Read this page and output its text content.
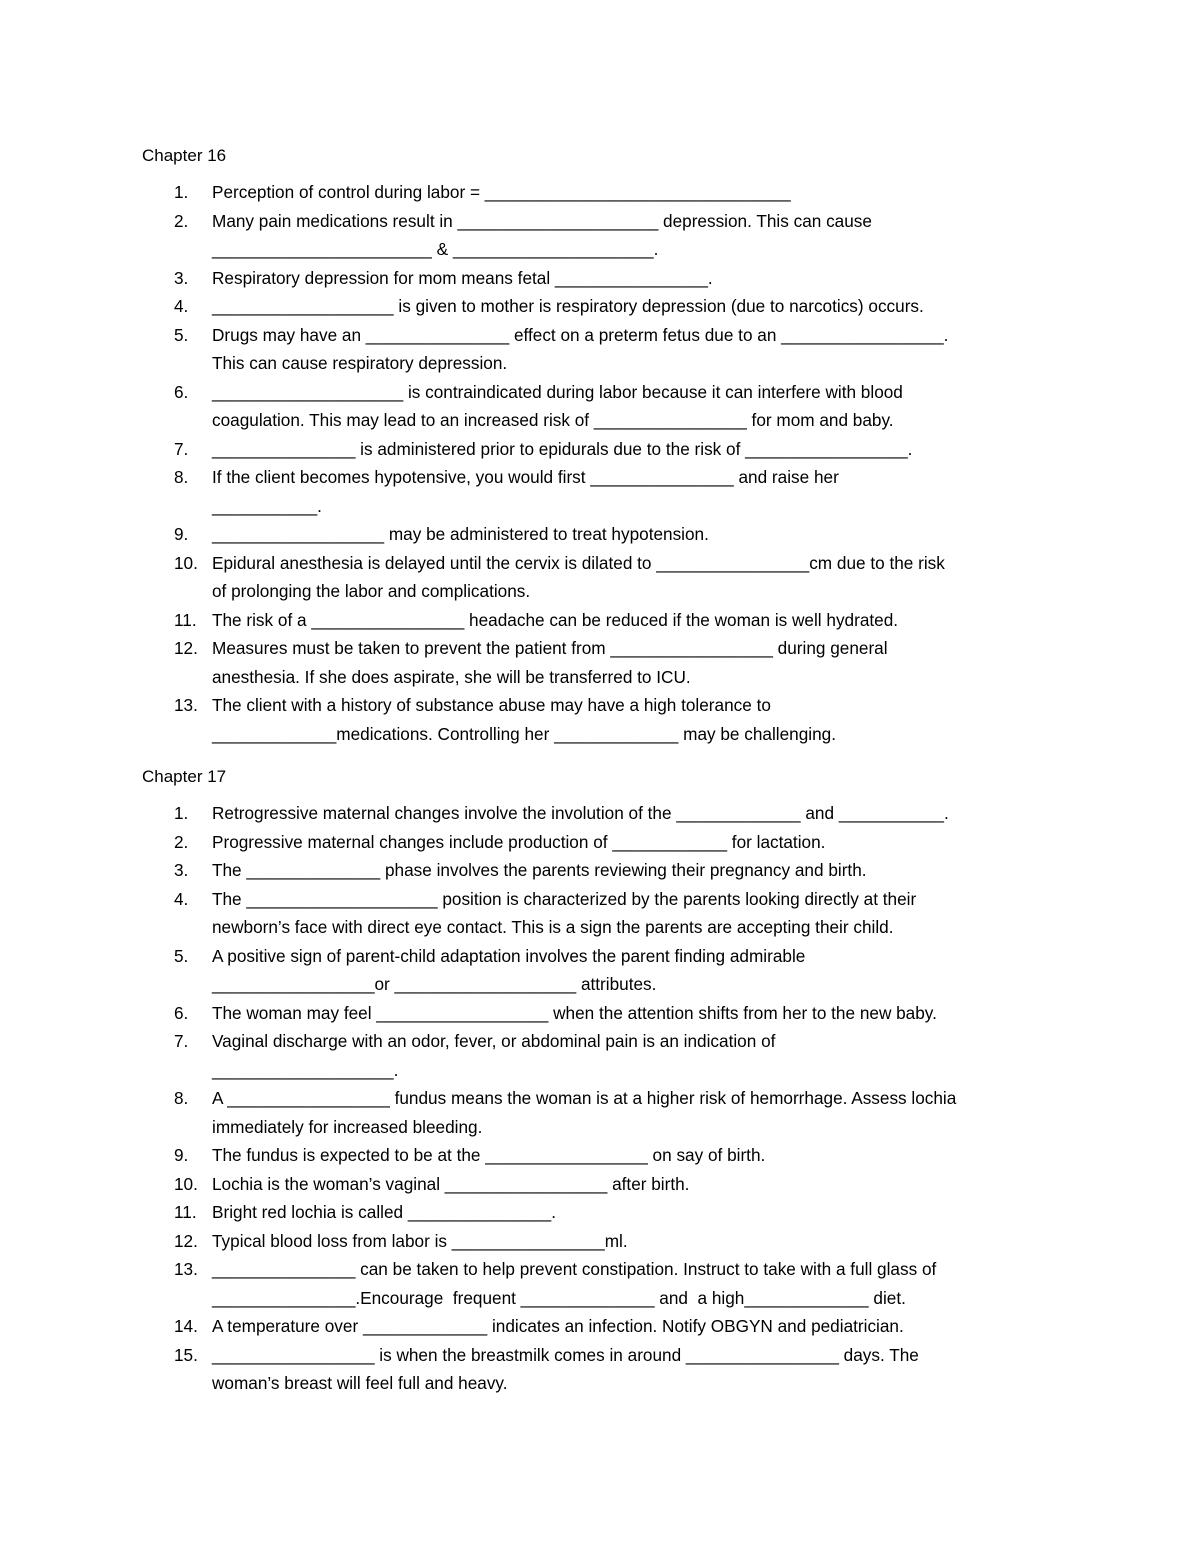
Chapter 16
1. Perception of control during labor = ________________________________
2. Many pain medications result in _____________________ depression. This can cause
_______________________ & _____________________.
3. Respiratory depression for mom means fetal ________________.
4. ___________________ is given to mother is respiratory depression (due to narcotics) occurs.
5. Drugs may have an _______________ effect on a preterm fetus due to an _________________.
This can cause respiratory depression.
6. ____________________ is contraindicated during labor because it can interfere with blood
coagulation. This may lead to an increased risk of ________________ for mom and baby.
7. _______________ is administered prior to epidurals due to the risk of _________________.
8. If the client becomes hypotensive, you would first _______________ and raise her
___________.
9. __________________ may be administered to treat hypotension.
10. Epidural anesthesia is delayed until the cervix is dilated to ________________cm due to the risk
of prolonging the labor and complications.
11. The risk of a ________________ headache can be reduced if the woman is well hydrated.
12. Measures must be taken to prevent the patient from _________________ during general
anesthesia. If she does aspirate, she will be transferred to ICU.
13. The client with a history of substance abuse may have a high tolerance to
_____________medications. Controlling her _____________ may be challenging.
Chapter 17
1. Retrogressive maternal changes involve the involution of the _____________ and ___________.
2. Progressive maternal changes include production of ____________ for lactation.
3. The ______________ phase involves the parents reviewing their pregnancy and birth.
4. The ____________________ position is characterized by the parents looking directly at their
newborn’s face with direct eye contact. This is a sign the parents are accepting their child.
5. A positive sign of parent-child adaptation involves the parent finding admirable
_________________or ___________________ attributes.
6. The woman may feel __________________ when the attention shifts from her to the new baby.
7. Vaginal discharge with an odor, fever, or abdominal pain is an indication of
___________________.
8. A _________________ fundus means the woman is at a higher risk of hemorrhage. Assess lochia
immediately for increased bleeding.
9. The fundus is expected to be at the _________________ on say of birth.
10. Lochia is the woman’s vaginal _________________ after birth.
11. Bright red lochia is called _______________.
12. Typical blood loss from labor is ________________ml.
13. _______________ can be taken to help prevent constipation. Instruct to take with a full glass of
_______________.Encourage  frequent ______________ and  a high_____________ diet.
14. A temperature over _____________ indicates an infection. Notify OBGYN and pediatrician.
15. _________________ is when the breastmilk comes in around ________________ days. The
woman’s breast will feel full and heavy.
